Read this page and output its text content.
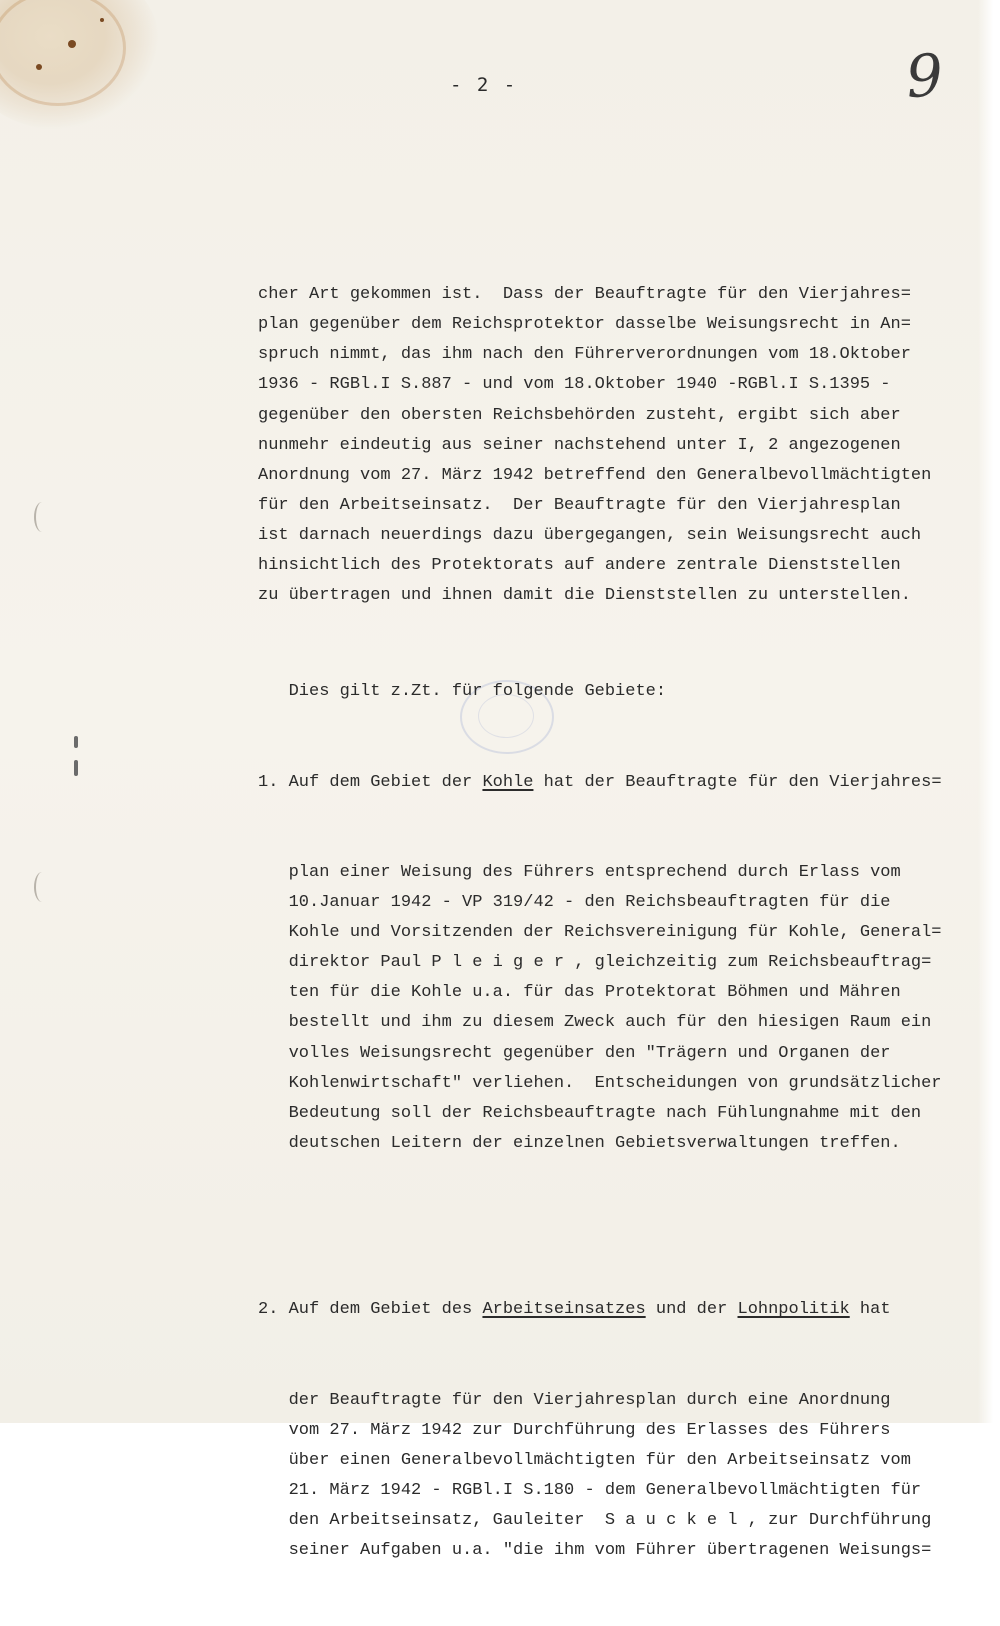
- 2 -	9

cher Art gekommen ist.  Dass der Beauftragte für den Vierjahres=
plan gegenüber dem Reichsprotektor dasselbe Weisungsrecht in An=
spruch nimmt, das ihm nach den Führerverordnungen vom 18.Oktober
1936 - RGBl.I S.887 - und vom 18.Oktober 1940 -RGBl.I S.1395 -
gegenüber den obersten Reichsbehörden zusteht, ergibt sich aber
nunmehr eindeutig aus seiner nachstehend unter I, 2 angezogenen
Anordnung vom 27. März 1942 betreffend den Generalbevollmächtigten
für den Arbeitseinsatz.  Der Beauftragte für den Vierjahresplan
ist darnach neuerdings dazu übergegangen, sein Weisungsrecht auch
hinsichtlich des Protektorats auf andere zentrale Dienststellen
zu übertragen und ihnen damit die Dienststellen zu unterstellen.

Dies gilt z.Zt. für folgende Gebiete:

1. Auf dem Gebiet der Kohle hat der Beauftragte für den Vierjahres=

plan einer Weisung des Führers entsprechend durch Erlass vom
10.Januar 1942 - VP 319/42 - den Reichsbeauftragten für die
Kohle und Vorsitzenden der Reichsvereinigung für Kohle, General=
direktor Paul P l e i g e r , gleichzeitig zum Reichsbeauftrag=
ten für die Kohle u.a. für das Protektorat Böhmen und Mähren
bestellt und ihm zu diesem Zweck auch für den hiesigen Raum ein
volles Weisungsrecht gegenüber den "Trägern und Organen der
Kohlenwirtschaft" verliehen.  Entscheidungen von grundsätzlicher
Bedeutung soll der Reichsbeauftragte nach Fühlungnahme mit den
deutschen Leitern der einzelnen Gebietsverwaltungen treffen.

2. Auf dem Gebiet des Arbeitseinsatzes und der Lohnpolitik hat

der Beauftragte für den Vierjahresplan durch eine Anordnung
vom 27. März 1942 zur Durchführung des Erlasses des Führers
über einen Generalbevollmächtigten für den Arbeitseinsatz vom
21. März 1942 - RGBl.I S.180 - dem Generalbevollmächtigten für
den Arbeitseinsatz, Gauleiter  S a u c k e l , zur Durchführung
seiner Aufgaben u.a. "die ihm vom Führer übertragenen Weisungs=
